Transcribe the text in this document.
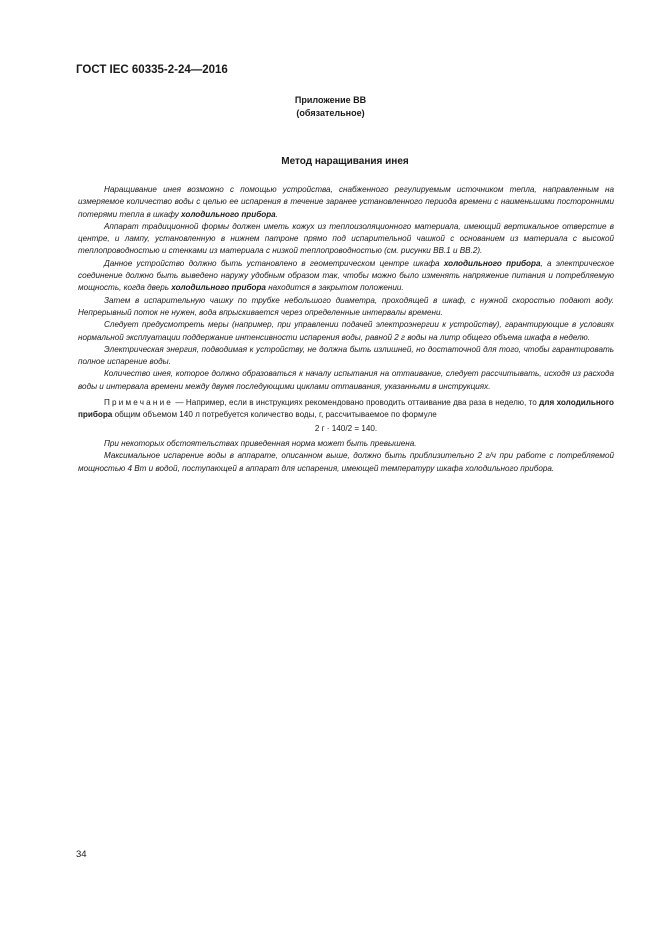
ГОСТ IEC 60335-2-24—2016
Приложение ВВ
(обязательное)
Метод наращивания инея

Наращивание инея возможно с помощью устройства, снабженного регулируемым источником тепла, направленным на измеряемое количество воды с целью ее испарения в течение заранее установленного периода времени с наименьшими посторонними потерями тепла в шкафу холодильного прибора.

Аппарат традиционной формы должен иметь кожух из теплоизоляционного материала, имеющий вертикальное отверстие в центре, и лампу, установленную в нижнем патроне прямо под испарительной чашкой с основанием из материала с высокой теплопроводностью и стенками из материала с низкой теплопроводностью (см. рисунки ВВ.1 и ВВ.2).

Данное устройство должно быть установлено в геометрическом центре шкафа холодильного прибора, а электрическое соединение должно быть выведено наружу удобным образом так, чтобы можно было изменять напряжение питания и потребляемую мощность, когда дверь холодильного прибора находится в закрытом положении.

Затем в испарительную чашку по трубке небольшого диаметра, проходящей в шкаф, с нужной скоростью подают воду. Непрерывный поток не нужен, вода впрыскивается через определенные интервалы времени.

Следует предусмотреть меры (например, при управлении подачей электроэнергии к устройству), гарантирующие в условиях нормальной эксплуатации поддержание интенсивности испарения воды, равной 2 г воды на литр общего объема шкафа в неделю.

Электрическая энергия, подводимая к устройству, не должна быть излишней, но достаточной для того, чтобы гарантировать полное испарение воды.

Количество инея, которое должно образоваться к началу испытания на оттаивание, следует рассчитывать, исходя из расхода воды и интервала времени между двумя последующими циклами оттаивания, указанными в инструкциях.

Примечание — Например, если в инструкциях рекомендовано проводить оттаивание два раза в неделю, то для холодильного прибора общим объемом 140 л потребуется количество воды, г, рассчитываемое по формуле

2 г · 140/2 = 140.

При некоторых обстоятельствах приведенная норма может быть превышена.

Максимальное испарение воды в аппарате, описанном выше, должно быть приблизительно 2 г/ч при работе с потребляемой мощностью 4 Вт и водой, поступающей в аппарат для испарения, имеющей температуру шкафа холодильного прибора.

34
